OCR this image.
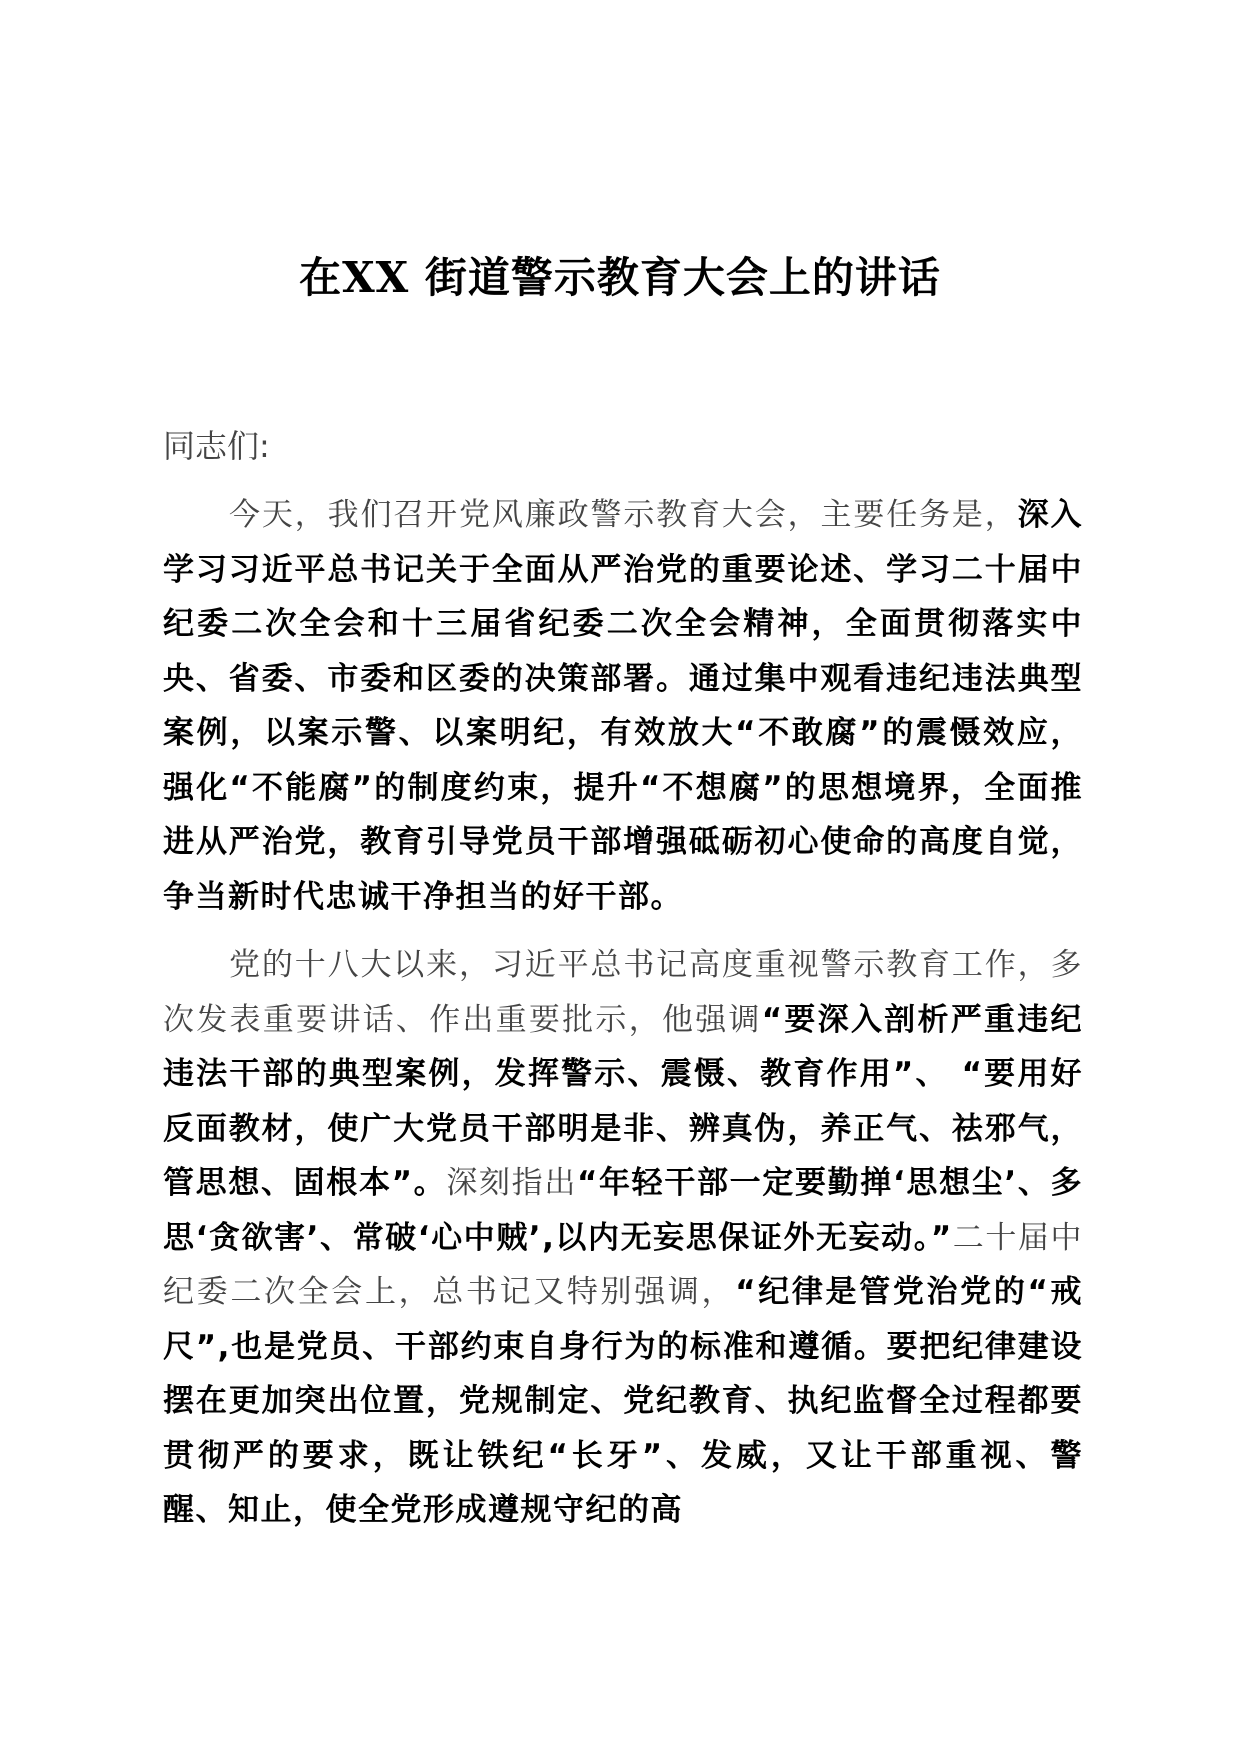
在XX 街道警示教育大会上的讲话

同志们:

今天，我们召开党风廉政警示教育大会，主要任务是，深入学习习近平总书记关于全面从严治党的重要论述、学习二十届中纪委二次全会和十三届省纪委二次全会精神，全面贯彻落实中央、省委、市委和区委的决策部署。通过集中观看违纪违法典型案例，以案示警、以案明纪，有效放大“不敢腐”的震慑效应，强化“不能腐”的制度约束，提升“不想腐”的思想境界，全面推进从严治党，教育引导党员干部增强砥砺初心使命的高度自觉，争当新时代忠诚干净担当的好干部。

党的十八大以来，习近平总书记高度重视警示教育工作，多次发表重要讲话、作出重要批示，他强调“要深入剖析严重违纪违法干部的典型案例，发挥警示、震慑、教育作用”、 “要用好反面教材，使广大党员干部明是非、辨真伪，养正气、祛邪气，管思想、固根本”。深刻指出“年轻干部一定要勤掸‘思想尘’、多思‘贪欲害’、常破‘心中贼’,以内无妄思保证外无妄动。”二十届中纪委二次全会上，总书记又特别强调，“纪律是管党治党的“戒尺”,也是党员、干部约束自身行为的标准和遵循。要把纪律建设摆在更加突出位置，党规制定、党纪教育、执纪监督全过程都要贯彻严的要求，既让铁纪“长牙”、发威，又让干部重视、警醒、知止，使全党形成遵规守纪的高
